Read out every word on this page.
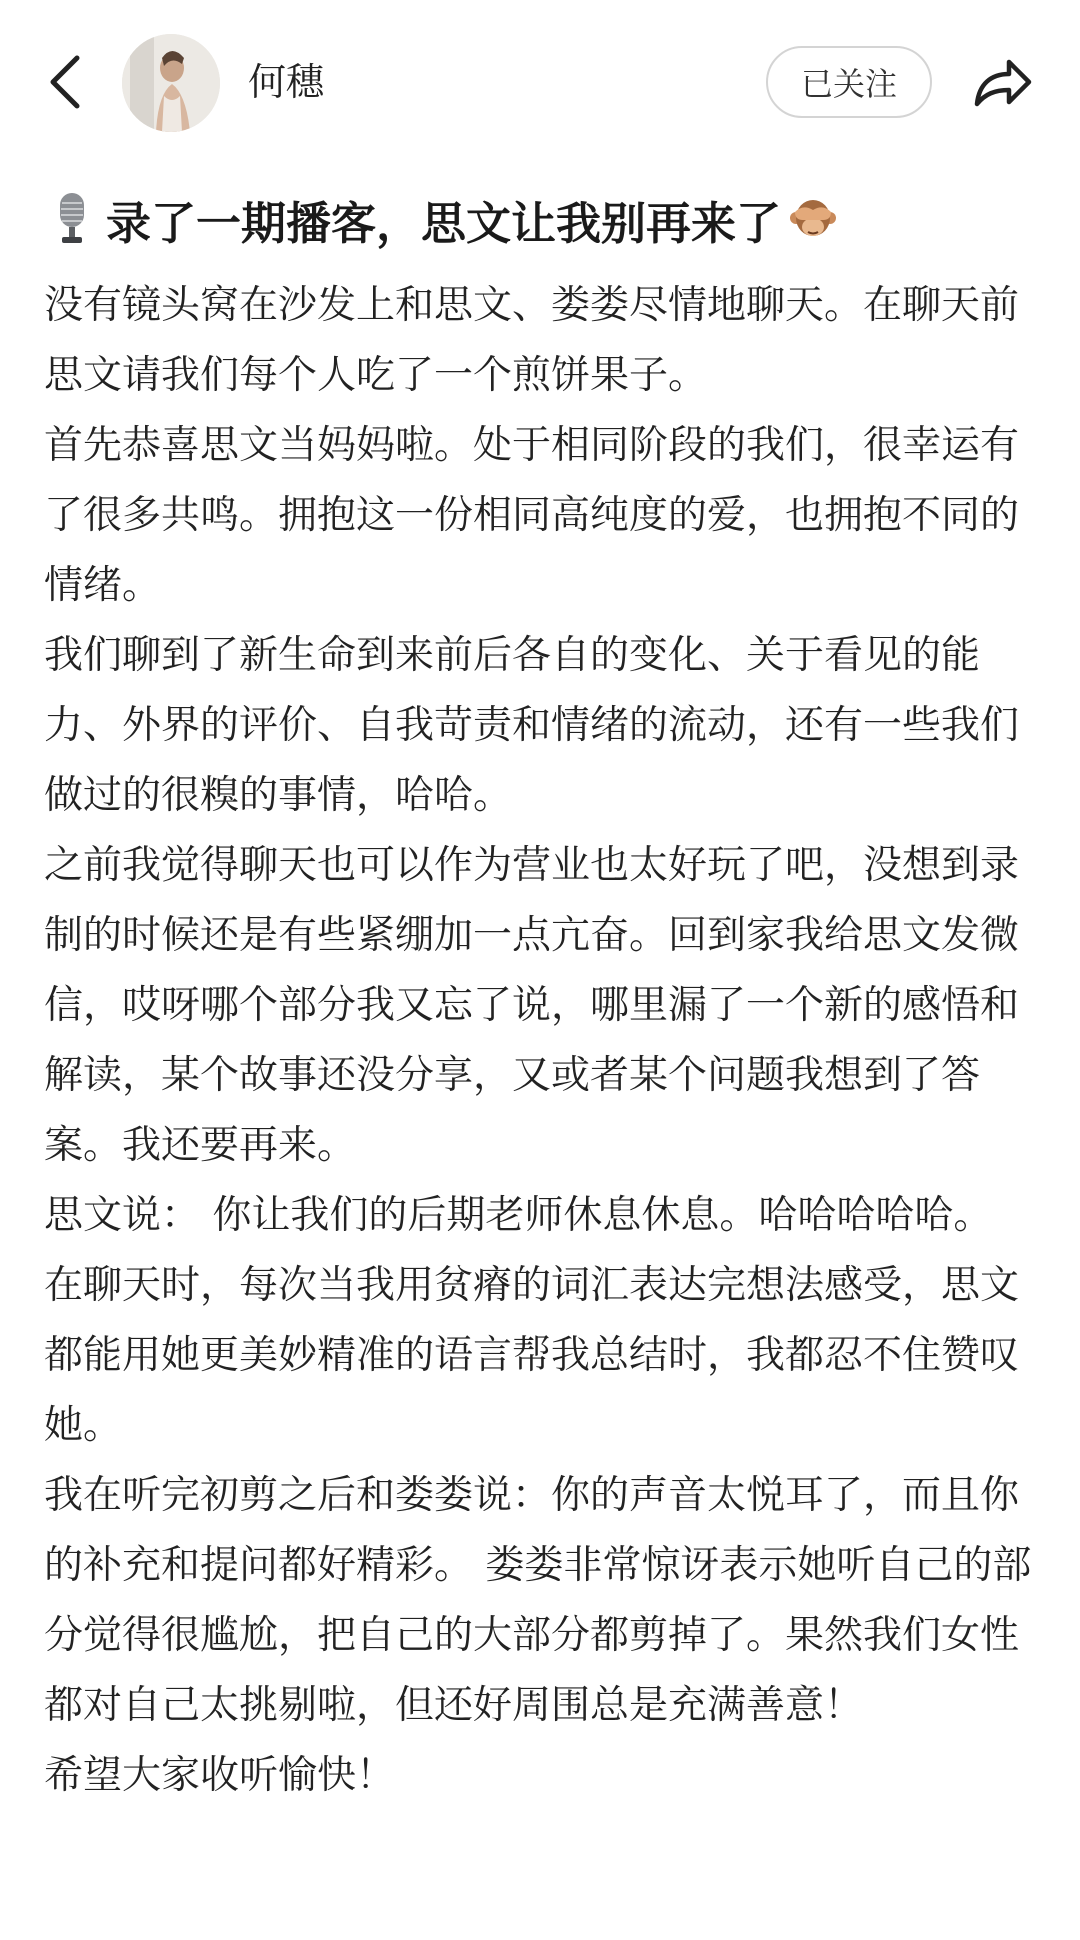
何穗	已关注
录了一期播客，思文让我别再来了

没有镜头窝在沙发上和思文、娄娄尽情地聊天。在聊天前思文请我们每个人吃了一个煎饼果子。

首先恭喜思文当妈妈啦。处于相同阶段的我们，很幸运有了很多共鸣。拥抱这一份相同高纯度的爱，也拥抱不同的情绪。

我们聊到了新生命到来前后各自的变化、关于看见的能力、外界的评价、自我苛责和情绪的流动，还有一些我们做过的很糗的事情，哈哈。

之前我觉得聊天也可以作为营业也太好玩了吧，没想到录制的时候还是有些紧绷加一点亢奋。回到家我给思文发微信，哎呀哪个部分我又忘了说，哪里漏了一个新的感悟和解读，某个故事还没分享，又或者某个问题我想到了答案。我还要再来。

思文说： 你让我们的后期老师休息休息。哈哈哈哈哈。

在聊天时，每次当我用贫瘠的词汇表达完想法感受，思文都能用她更美妙精准的语言帮我总结时，我都忍不住赞叹她。

我在听完初剪之后和娄娄说：你的声音太悦耳了，而且你的补充和提问都好精彩。 娄娄非常惊讶表示她听自己的部分觉得很尴尬，把自己的大部分都剪掉了。果然我们女性都对自己太挑剔啦，但还好周围总是充满善意！

希望大家收听愉快！
